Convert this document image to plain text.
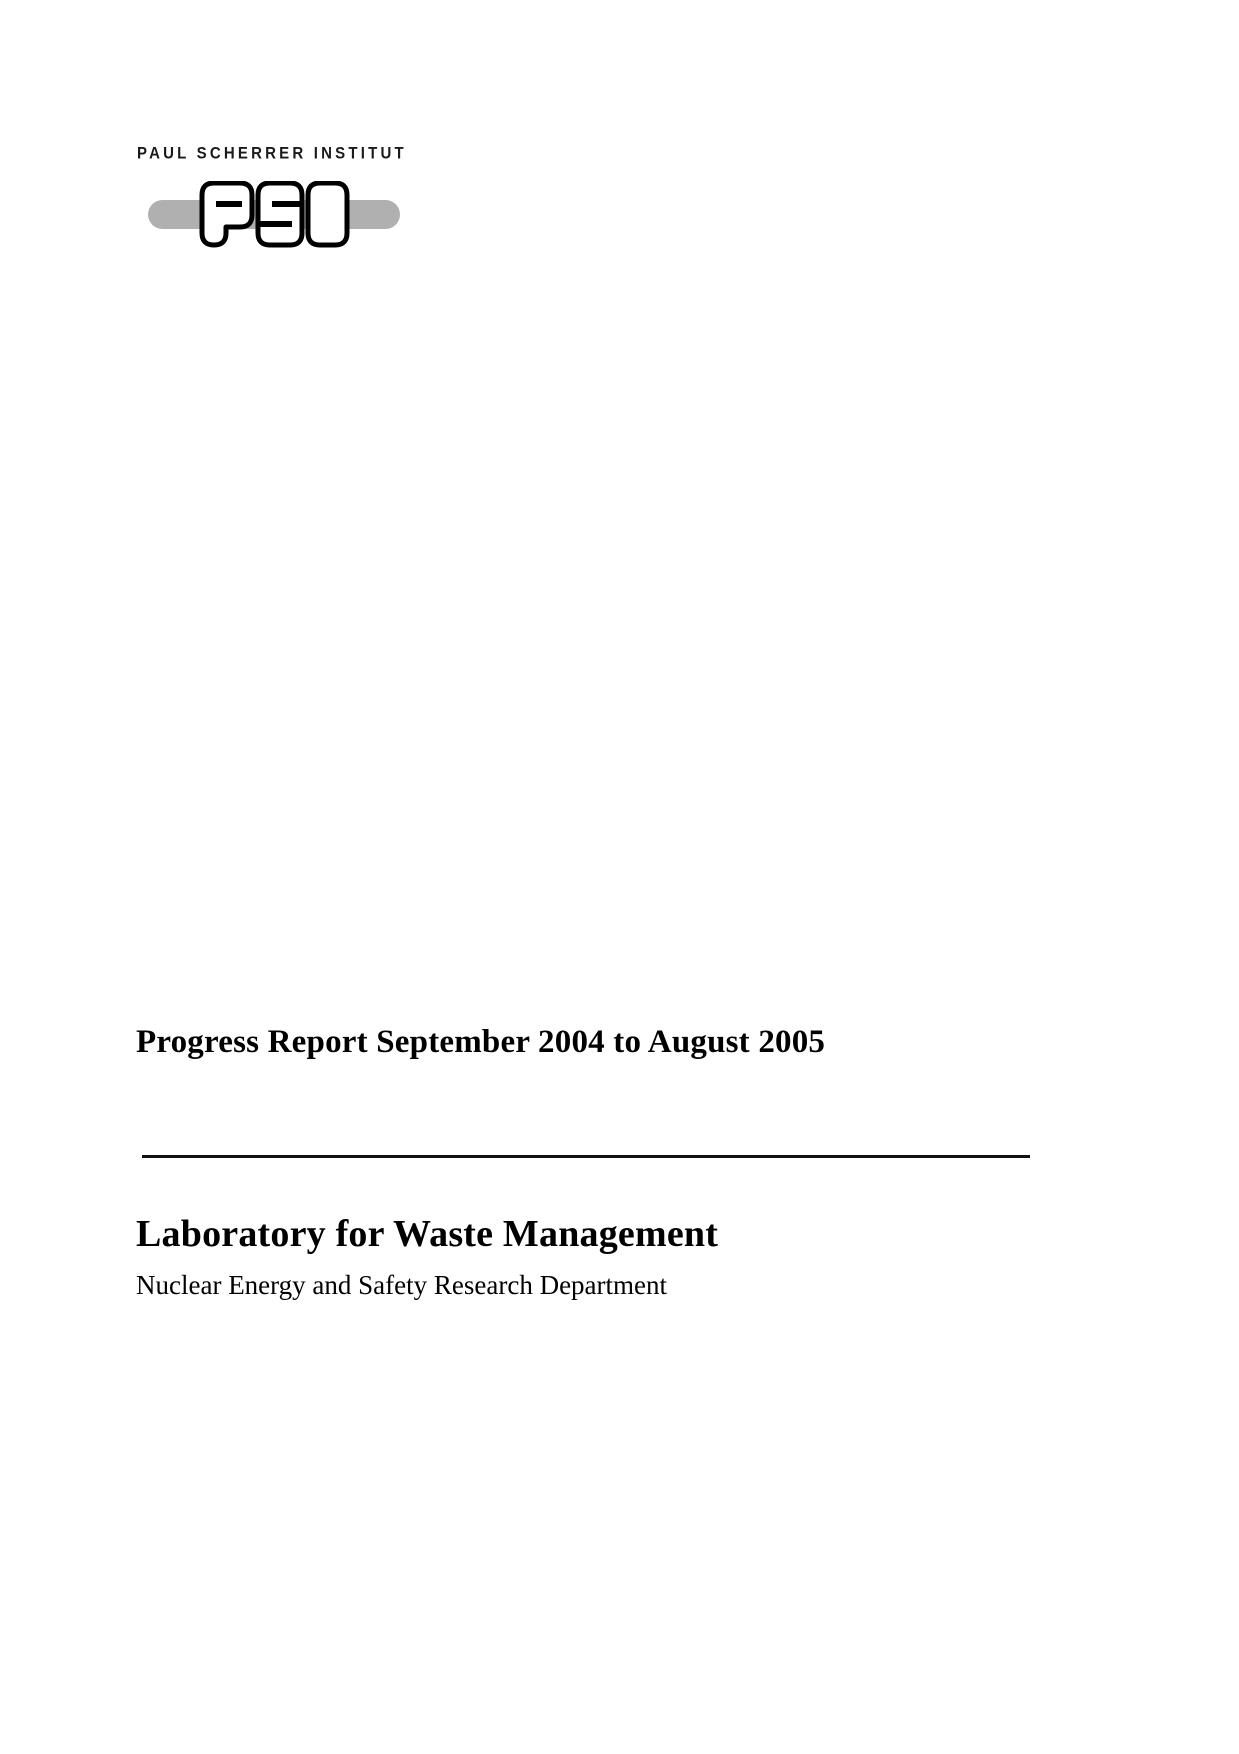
PAUL SCHERRER INSTITUT
Progress Report September 2004 to August 2005
Laboratory for Waste Management
Nuclear Energy and Safety Research Department
